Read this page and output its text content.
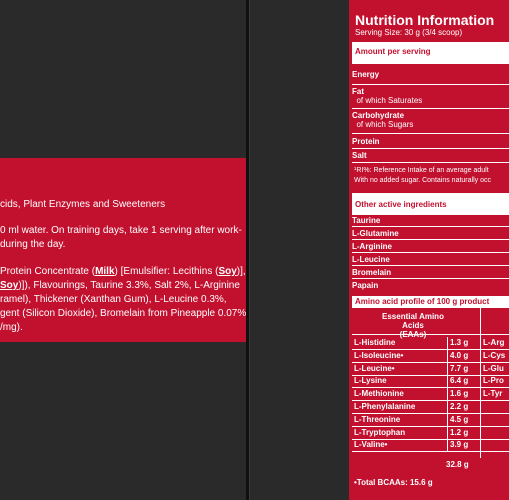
cids, Plant Enzymes and Sweeteners
0 ml water. On training days, take 1 serving after work-
during the day.
Protein Concentrate (Milk) [Emulsifier: Lecithins (Soy)],
Soy)]), Flavourings, Taurine 3.3%, Salt 2%, L-Arginine
ramel), Thickener (Xanthan Gum), L-Leucine 0.3%,
gent (Silicon Dioxide), Bromelain from Pineapple 0.07%
/mg).
Nutrition Information
Serving Size: 30 g (3/4 scoop)
Amount per serving
Energy
Fat
of which Saturates
Carbohydrate
of which Sugars
Protein
Salt
¹RI%: Reference Intake of an average adult
With no added sugar. Contains naturally occ
Other active ingredients
Taurine
L-Glutamine
L-Arginine
L-Leucine
Bromelain
Papain
Amino acid profile of 100 g product
Essential Amino Acids

L-Histidine	1.3 g	L-Arg
L-Isoleucine•	4.0 g	L-Cys
L-Leucine•	7.7 g	L-Glu
L-Lysine	6.4 g	L-Pro
L-Methionine	1.6 g	L-Tyr
L-Phenylalanine	2.2 g
L-Threonine	4.5 g
L-Tryptophan	1.2 g
L-Valine•	3.9 g
32.8 g
•Total BCAAs: 15.6 g
